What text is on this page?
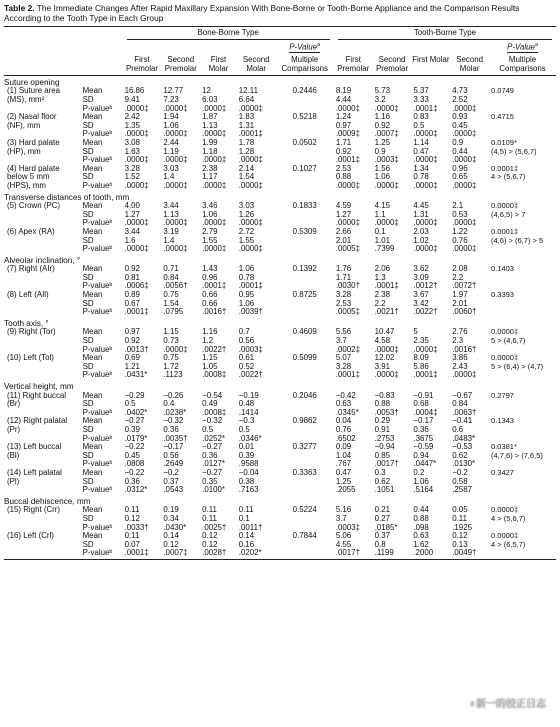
Table 2. The Immediate Changes After Rapid Maxillary Expansion With Bone-Borne or Tooth-Borne Appliance and the Comparison Results According to the Tooth Type in Each Group
		Bone-Borne Type					Tooth-Borne Type				
						P-Value$^a$					P-Value$^a$
		First Premolar	Second Premolar	First Molar	Second Molar	Multiple Comparisons	First Premolar	Second Premolar	First Molar	Second Molar	Multiple Comparisons
Suture opening											
(1) Suture area	Mean	16.86	12.77	12	12.11	0.2446	8.19	5.73	5.37	4.73	0.0749
(MS), mm²	SD	9.41	7.23	6.03	6.64		4.44	3.2	3.33	2.52	
	P-valueᵇ	.0000‡	.0000‡	.0000‡	.0000‡		.0000‡	.0000‡	.0001‡	.0000‡	
(2) Nasal floor	Mean	2.42	1.94	1.87	1.83	0.5218	1.24	1.16	0.83	0.93	0.4715
(NF), mm	SD	1.35	1.06	1.13	1.31		0.97	0.92	0.5	0.45	
	P-valueᵇ	.0000‡	.0000‡	.0000‡	.0001‡		.0009‡	.0007‡	.0000‡	.0000‡	
(3) Hard palate	Mean	3.08	2.44	1.99	1.78	0.0502	1.71	1.25	1.14	0.9	0.0109*
(HP), mm	SD	1.63	1.19	1.18	1.28		0.92	0.9	0.47	0.44	(4,5) > (5,6,7)
	P-valueᵇ	.0000‡	.0000‡	.0000‡	.0000‡		.0001‡	.0003‡	.0000‡	.0000‡	
(4) Hard palate	Mean	3.28	3.03	2.38	2.14	0.1027	2.53	1.56	1.34	0.96	0.0001‡
below 5 mm	SD	1.52	1.4	1.17	1.54		0.88	1.06	0.78	0.65	4 > (5,6,7)
(HPS), mm	P-valueᵇ	.0000‡	.0000‡	.0000‡	.0000‡		.0000‡	.0000‡	.0000‡	.0000‡	
Transverse distances of tooth, mm											
(5) Crown (PC)	Mean	4.00	3.44	3.46	3.03	0.1833	4.59	4.15	4.45	2.1	0.0000‡
	SD	1.27	1.13	1.06	1.26		1.27	1.1	1.31	0.53	(4,6,5) > 7
	P-valueᵇ	.0000‡	.0000‡	.0000‡	.0000‡		.0000‡	.0000‡	.0000‡	.0000‡	
(6) Apex (RA)	Mean	3.44	3.19	2.79	2.72	0.5309	2.66	0.1	2.03	1.22	0.0001‡
	SD	1.6	1.4	1.55	1.55		2.01	1.01	1.02	0.76	(4,6) > (6,7) > 5
	P-valueᵇ	.0000‡	.0000‡	.0000‡	.0000‡		.0005‡	.7399	.0000‡	.0000‡	
Alveolar inclination, °											
(7) Right (AIr)	Mean	0.92	0.71	1.43	1.06	0.1392	1.76	2.06	3.62	2.08	0.1403
	SD	0.81	0.84	0.96	0.78		1.71	1.3	3.09	2.2	
	P-valueᵇ	.0006‡	.0056†	.0001‡	.0001‡		.0030†	.0001‡	.0012†	.0072†	
(8) Left (AIl)	Mean	0.89	0.75	0.66	0.95	0.8725	3.28	2.38	3.67	1.97	0.3393
	SD	0.67	1.54	0.66	1.06		2.53	2.2	3.42	2.01	
	P-valueᵇ	.0001‡	.0795	.0016†	.0039†		.0005‡	.0021†	.0022†	.0060†	
Tooth axis, °											
(9) Right (Tor)	Mean	0.97	1.15	1.16	0.7	0.4609	5.56	10.47	5	2.76	0.0000‡
	SD	0.92	0.73	1.2	0.56		3.7	4.58	2.35	2.3	5 > (4,6,7)
	P-valueᵇ	.0013†	.0000‡	.0022†	.0003‡		.0002‡	.0000‡	.0000‡	.0016†	
(10) Left (Tol)	Mean	0.69	0.75	1.15	0.61	0.5099	5.07	12.02	8.09	3.86	0.0000‡
	SD	1.21	1.72	1.05	0.52		3.28	3.91	5.86	2.43	5 > (6,4) > (4,7)
	P-valueᵇ	.0431*	.1123	.0008‡	.0022†		.0001‡	.0000‡	.0001‡	.0000‡	
Vertical height, mm											
(11) Right buccal	Mean	−0.29	−0.26	−0.54	−0.19	0.2046	−0.42	−0.83	−0.91	−0.67	0.2797
(Br)	SD	0.5	0.4	0.49	0.48		0.63	0.88	0.68	0.84	
	P-valueᵇ	.0402*	.0238*	.0008‡	.1414		.0345*	.0053†	.0004‡	.0063†	
(12) Right palatal	Mean	−0.27	−0.32	−0.32	−0.3	0.9862	0.04	0.29	−0.17	−0.41	0.1343
(Pr)	SD	0.39	0.36	0.5	0.5		0.76	0.91	0.36	0.6	
	P-valueᵇ	.0179*	.0035†	.0252*	.0346*		.6502	.2753	.3675	.0483*	
(13) Left buccal	Mean	−0.22	−0.17	−0.27	0.01	0.3277	0.09	−0.94	−0.59	−0.53	0.0381*
(Bl)	SD	0.45	0.56	0.36	0.39		1.04	0.85	0.94	0.62	(4,7,6) > (7,6,5)
	P-valueᵇ	.0808	.2649	.0127*	.9588		.767	.0017†	.0447*	.0130*	
(14) Left palatal	Mean	−0.22	−0.2	−0.27	−0.04	0.3363	0.47	0.3	0.2	−0.2	0.3427
(Pl)	SD	0.36	0.37	0.35	0.38		1.25	0.62	1.06	0.58	
	P-valueᵇ	.0312*	.0543	.0100*	.7163		.2055	.1051	.5164	.2587	
Buccal dehiscence, mm											
(15) Right (Crr)	Mean	0.11	0.19	0.11	0.11	0.5224	5.16	0.21	0.44	0.05	0.0000‡
	SD	0.12	0.34	0.11	0.1		3.7	0.27	0.88	0.11	4 > (5,6,7)
	P-valueᵇ	.0033†	.0430*	.0025†	.0011†		.0003‡	.0185*	.098	.1925	
(16) Left (Crl)	Mean	0.11	0.14	0.12	0.14	0.7844	5.06	0.37	0.63	0.12	0.0000‡
	SD	0.07	0.12	0.12	0.16		4.55	0.8	1.62	0.13	4 > (6,5,7)
	P-valueᵇ	.0001‡	.0007‡	.0028†	.0202*		.0017†	.1199	.2000	.0049†	
♀新一的校正日志
